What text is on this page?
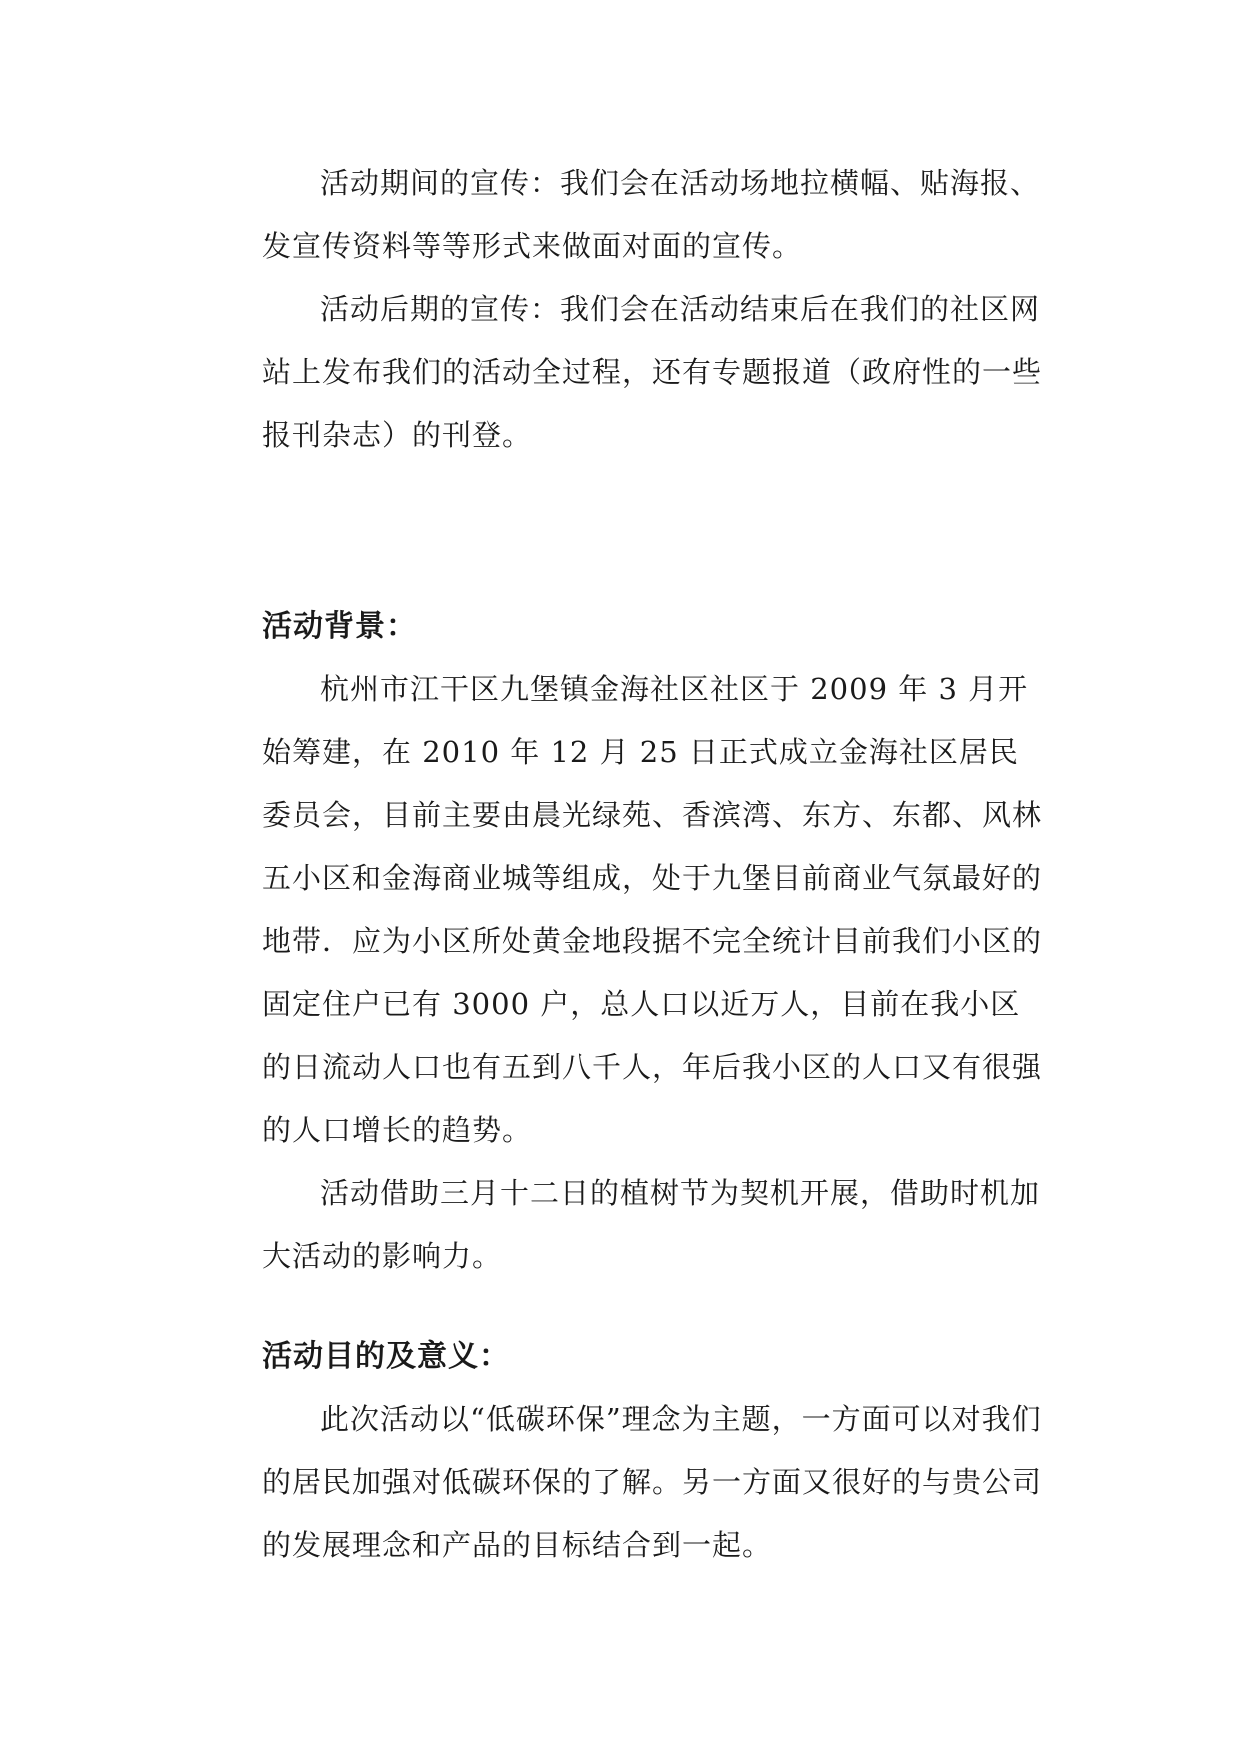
活动期间的宣传：我们会在活动场地拉横幅、贴海报、发宣传资料等等形式来做面对面的宣传。

活动后期的宣传：我们会在活动结束后在我们的社区网站上发布我们的活动全过程，还有专题报道（政府性的一些报刊杂志）的刊登。

活动背景：

杭州市江干区九堡镇金海社区社区于 2009 年 3 月开始筹建，在 2010 年 12 月 25 日正式成立金海社区居民委员会，目前主要由晨光绿苑、香滨湾、东方、东都、风林五小区和金海商业城等组成，处于九堡目前商业气氛最好的地带．应为小区所处黄金地段据不完全统计目前我们小区的固定住户已有 3000 户，总人口以近万人，目前在我小区的日流动人口也有五到八千人，年后我小区的人口又有很强的人口增长的趋势。

活动借助三月十二日的植树节为契机开展，借助时机加大活动的影响力。

活动目的及意义：

此次活动以“低碳环保”理念为主题，一方面可以对我们的居民加强对低碳环保的了解。另一方面又很好的与贵公司的发展理念和产品的目标结合到一起。
